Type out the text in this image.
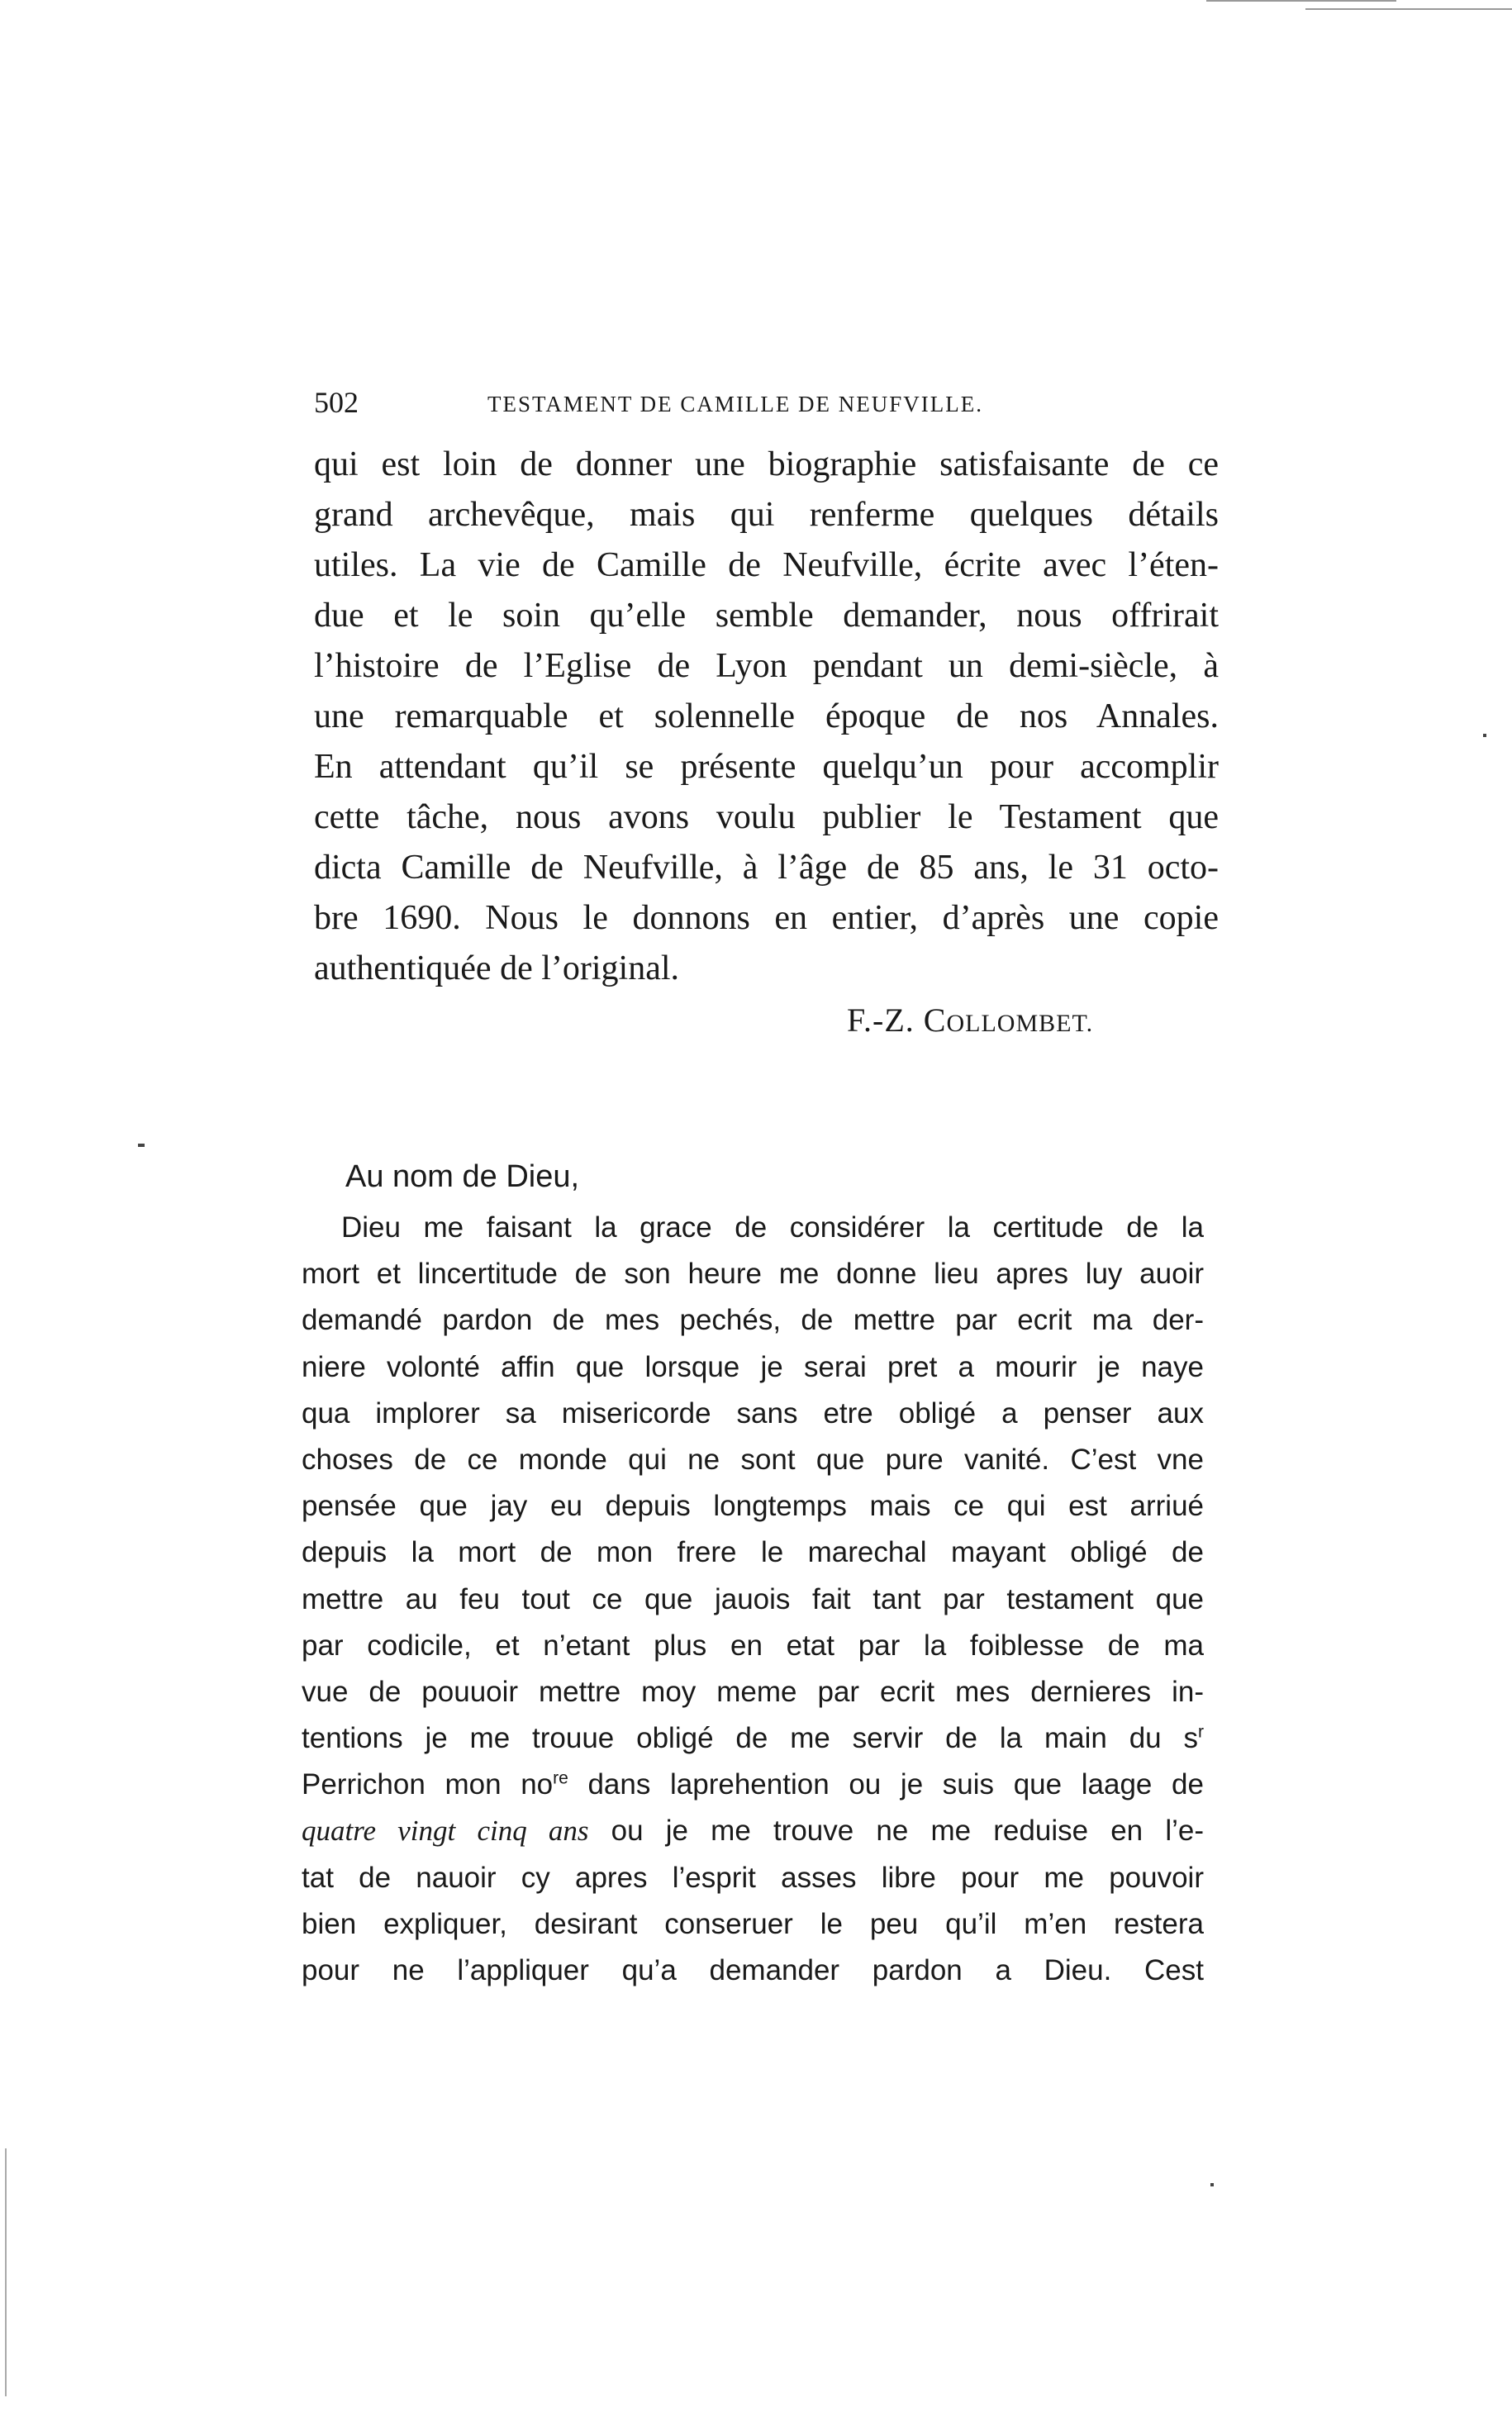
502	TESTAMENT DE CAMILLE DE NEUFVILLE.
qui est loin de donner une biographie satisfaisante de ce
grand archevêque, mais qui renferme quelques détails
utiles. La vie de Camille de Neufville, écrite avec l’éten-
due et le soin qu’elle semble demander, nous offrirait
l’histoire de l’Eglise de Lyon pendant un demi-siècle, à
une remarquable et solennelle époque de nos Annales.
En attendant qu’il se présente quelqu’un pour accomplir
cette tâche, nous avons voulu publier le Testament que
dicta Camille de Neufville, à l’âge de 85 ans, le 31 octo-
bre 1690. Nous le donnons en entier, d’après une copie
authentiquée de l’original.
F.-Z. COLLOMBET.
Au nom de Dieu,
Dieu me faisant la grace de considérer la certitude de la
mort et lincertitude de son heure me donne lieu apres luy auoir
demandé pardon de mes pechés, de mettre par ecrit ma der-
niere volonté affin que lorsque je serai pret a mourir je naye
qua implorer sa misericorde sans etre obligé a penser aux
choses de ce monde qui ne sont que pure vanité. C’est vne
pensée que jay eu depuis longtemps mais ce qui est arriué
depuis la mort de mon frere le marechal mayant obligé de
mettre au feu tout ce que jauois fait tant par testament que
par codicile, et n’etant plus en etat par la foiblesse de ma
vue de pouuoir mettre moy meme par ecrit mes dernieres in-
tentions je me trouue obligé de me servir de la main du $s^r$
Perrichon mon $no^{re}$ dans laprehention ou je suis que laage de
quatre vingt cinq ans ou je me trouve ne me reduise en l’e-
tat de nauoir cy apres l’esprit asses libre pour me pouvoir
bien expliquer, desirant conseruer le peu qu’il m’en restera
pour ne l’appliquer qu’a demander pardon a Dieu. Cest
